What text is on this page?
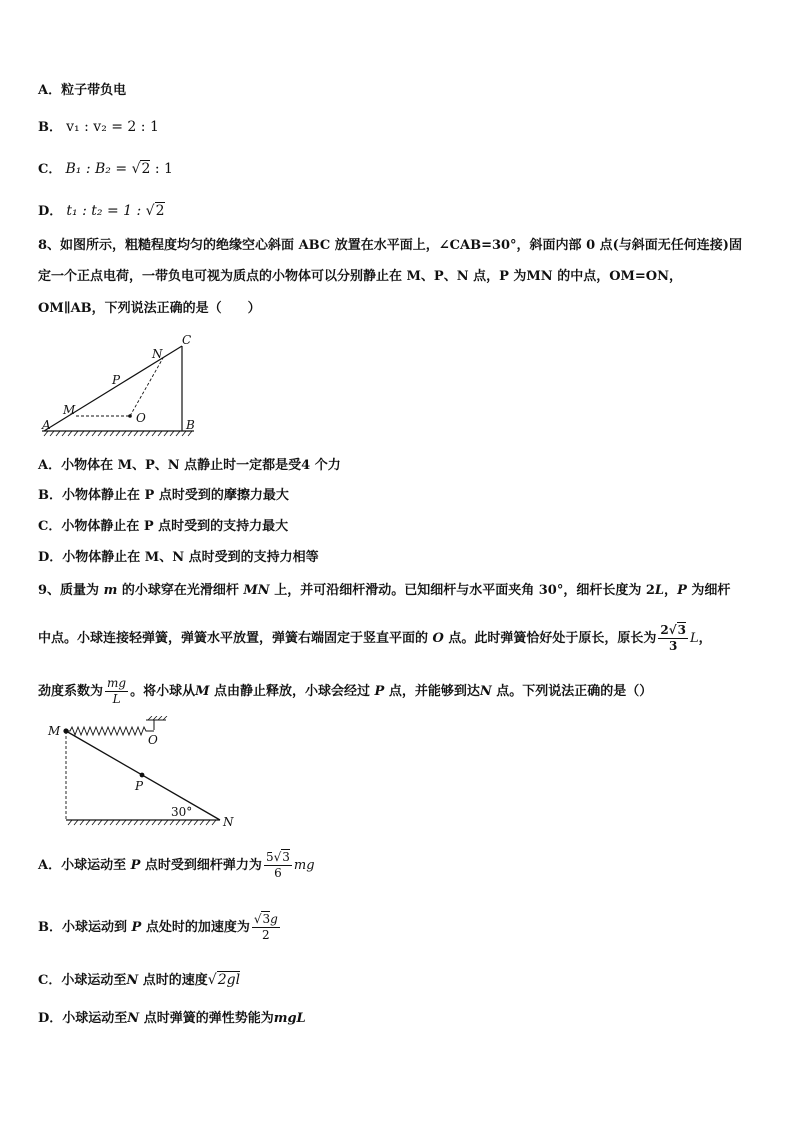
A．粒子带负电
B． v₁ : v₂ = 2 : 1
C． B₁ : B₂ = √2 : 1
D． t₁ : t₂ = 1 : √2
8、如图所示，粗糙程度均匀的绝缘空心斜面 ABC 放置在水平面上，∠CAB=30°，斜面内部 0 点(与斜面无任何连接)固
定一个正点电荷，一带负电可视为质点的小物体可以分别静止在 M、P、N 点，P 为MN 的中点，OM=ON，
OM∥AB，下列说法正确的是（　　）
A	B
C
M
N
O
P
A．小物体在 M、P、N 点静止时一定都是受4 个力
B．小物体静止在 P 点时受到的摩擦力最大
C．小物体静止在 P 点时受到的支持力最大
D．小物体静止在 M、N 点时受到的支持力相等
9、质量为 m 的小球穿在光滑细杆 MN 上，并可沿细杆滑动。已知细杆与水平面夹角 30°，细杆长度为 2L，P 为细杆
中点。小球连接轻弹簧，弹簧水平放置，弹簧右端固定于竖直平面的 O 点。此时弹簧恰好处于原长，原长为 $\frac{2√3}{3}$ L，
劲度系数为 $\frac{mg}{L}$ 。将小球从M 点由静止释放，小球会经过 P 点，并能够到达N 点。下列说法正确的是（）
M
O
P
N
30°
A．小球运动至 P 点时受到细杆弹力为 $\frac{5√3}{6}$ mg
B．小球运动到 P 点处时的加速度为 $\frac{√3g}{2}$
C．小球运动至N 点时的速度√2gl
D．小球运动至N 点时弹簧的弹性势能为mgL
